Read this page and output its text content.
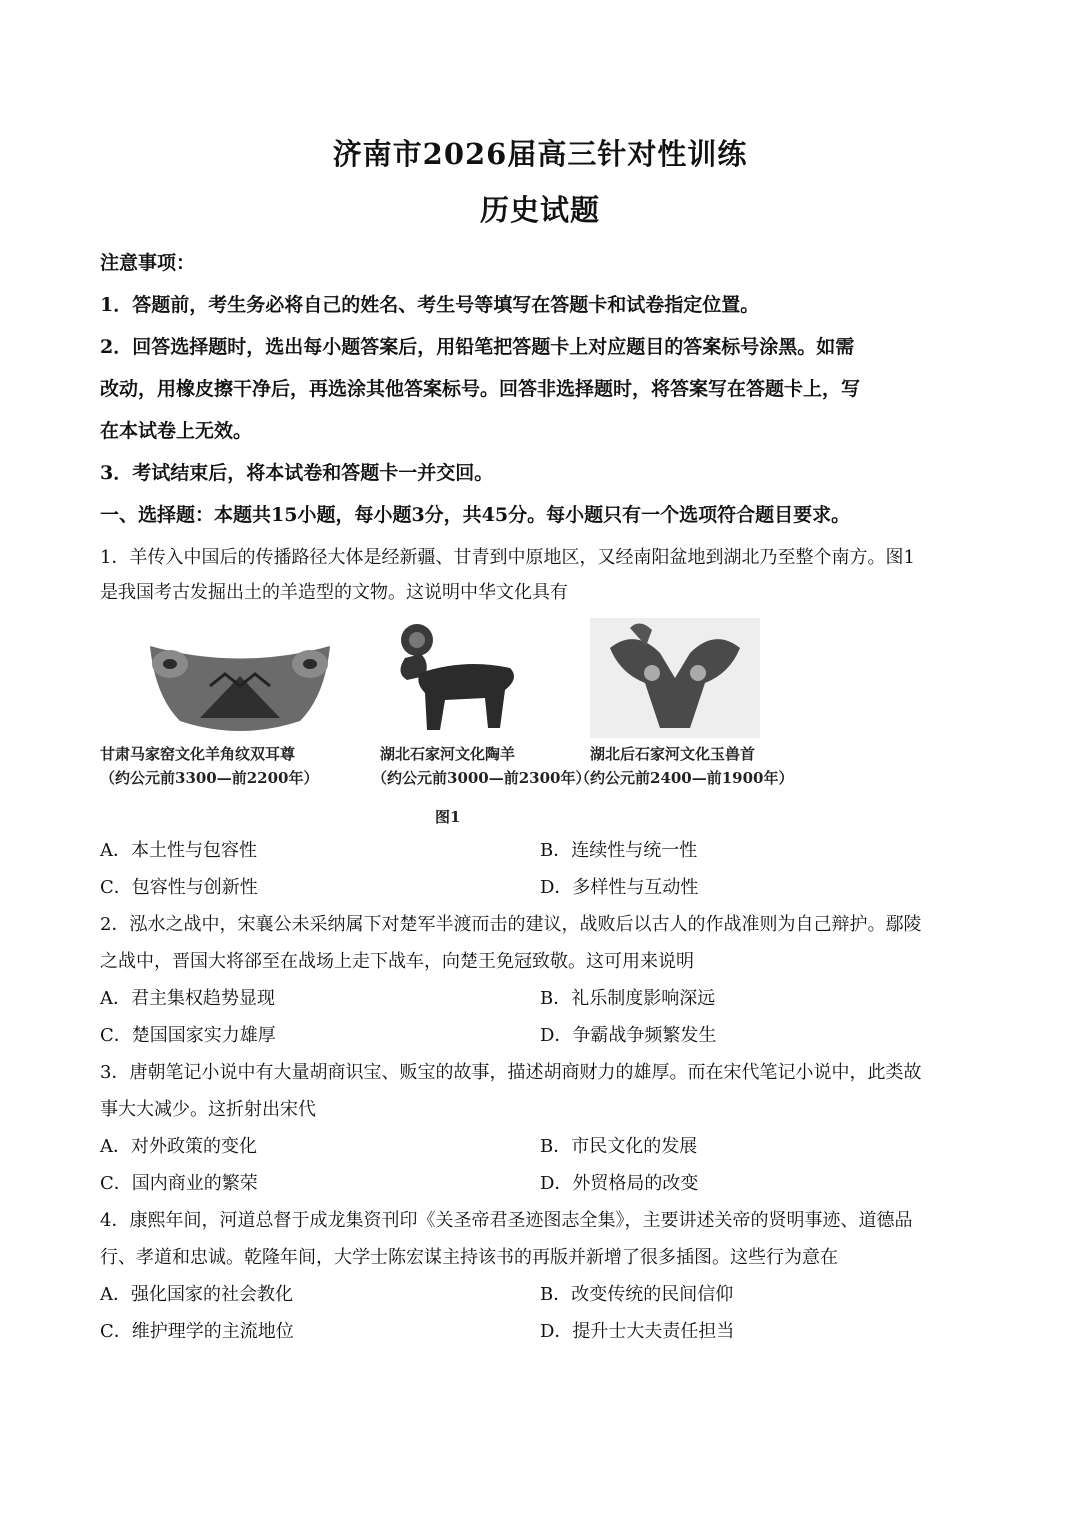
济南市2026届高三针对性训练
历史试题
注意事项：
1．答题前，考生务必将自己的姓名、考生号等填写在答题卡和试卷指定位置。
2．回答选择题时，选出每小题答案后，用铅笔把答题卡上对应题目的答案标号涂黑。如需
改动，用橡皮擦干净后，再选涂其他答案标号。回答非选择题时，将答案写在答题卡上，写
在本试卷上无效。
3．考试结束后，将本试卷和答题卡一并交回。
一、选择题：本题共15小题，每小题3分，共45分。每小题只有一个选项符合题目要求。
1．羊传入中国后的传播路径大体是经新疆、甘青到中原地区，又经南阳盆地到湖北乃至整个南方。图1
是我国考古发掘出土的羊造型的文物。这说明中华文化具有
甘肃马家窑文化羊角纹双耳尊
（约公元前3300—前2200年）
湖北石家河文化陶羊
（约公元前3000—前2300年）
湖北后石家河文化玉兽首
（约公元前2400—前1900年）
图1
A．本土性与包容性	B．连续性与统一性
C．包容性与创新性	D．多样性与互动性
2．泓水之战中，宋襄公未采纳属下对楚军半渡而击的建议，战败后以古人的作战准则为自己辩护。鄢陵
之战中，晋国大将郤至在战场上走下战车，向楚王免冠致敬。这可用来说明
A．君主集权趋势显现	B．礼乐制度影响深远
C．楚国国家实力雄厚	D．争霸战争频繁发生
3．唐朝笔记小说中有大量胡商识宝、贩宝的故事，描述胡商财力的雄厚。而在宋代笔记小说中，此类故
事大大减少。这折射出宋代
A．对外政策的变化	B．市民文化的发展
C．国内商业的繁荣	D．外贸格局的改变
4．康熙年间，河道总督于成龙集资刊印《关圣帝君圣迹图志全集》，主要讲述关帝的贤明事迹、道德品
行、孝道和忠诚。乾隆年间，大学士陈宏谋主持该书的再版并新增了很多插图。这些行为意在
A．强化国家的社会教化	B．改变传统的民间信仰
C．维护理学的主流地位	D．提升士大夫责任担当
